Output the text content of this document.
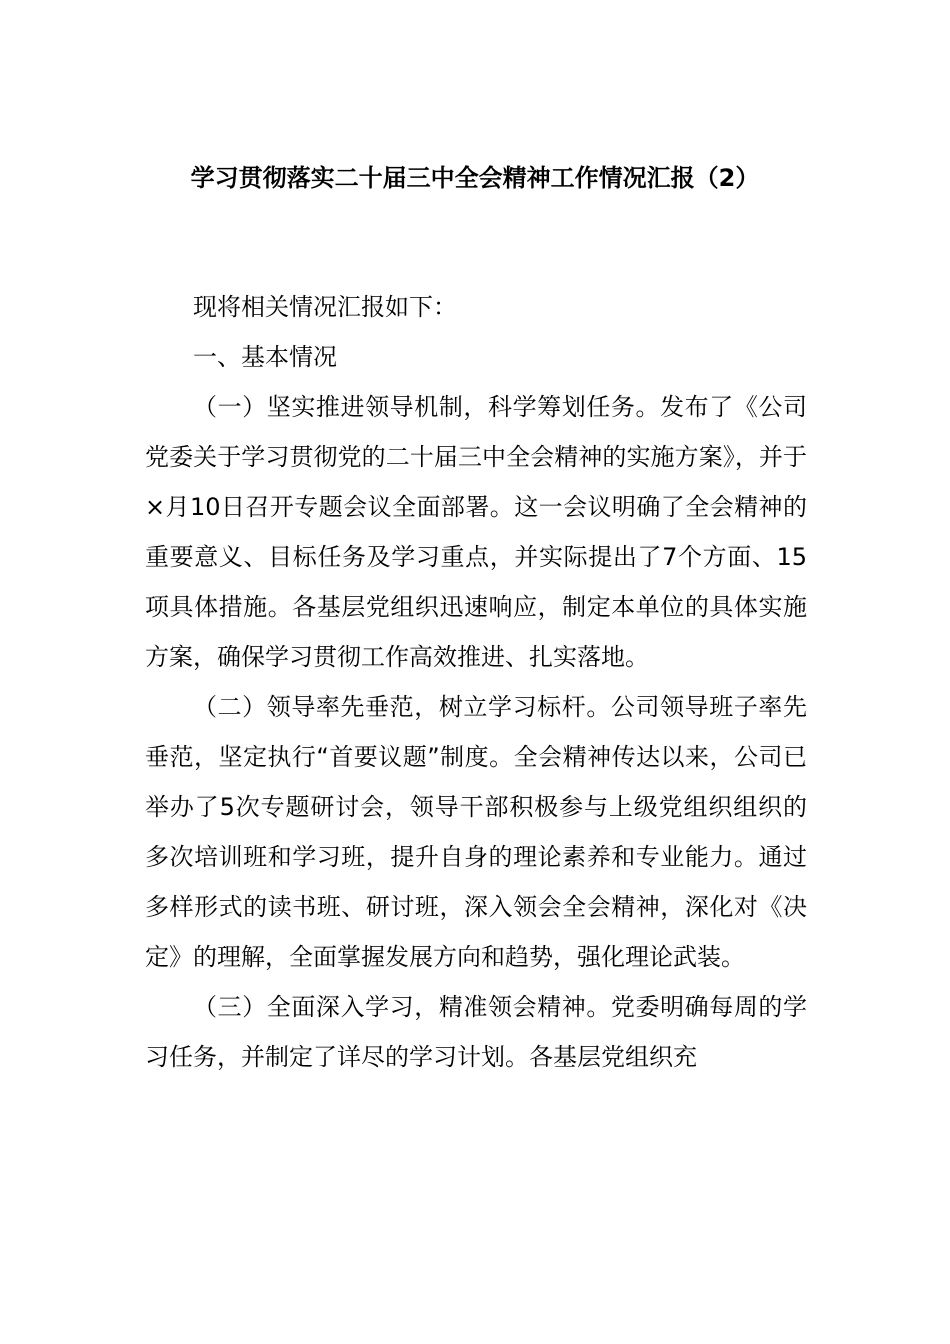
学习贯彻落实二十届三中全会精神工作情况汇报（2）

现将相关情况汇报如下：

一、基本情况

（一）坚实推进领导机制，科学筹划任务。发布了《公司党委关于学习贯彻党的二十届三中全会精神的实施方案》，并于×月10日召开专题会议全面部署。这一会议明确了全会精神的重要意义、目标任务及学习重点，并实际提出了7个方面、15项具体措施。各基层党组织迅速响应，制定本单位的具体实施方案，确保学习贯彻工作高效推进、扎实落地。

（二）领导率先垂范，树立学习标杆。公司领导班子率先垂范，坚定执行“首要议题”制度。全会精神传达以来，公司已举办了5次专题研讨会，领导干部积极参与上级党组织组织的多次培训班和学习班，提升自身的理论素养和专业能力。通过多样形式的读书班、研讨班，深入领会全会精神，深化对《决定》的理解，全面掌握发展方向和趋势，强化理论武装。

（三）全面深入学习，精准领会精神。党委明确每周的学习任务，并制定了详尽的学习计划。各基层党组织充
